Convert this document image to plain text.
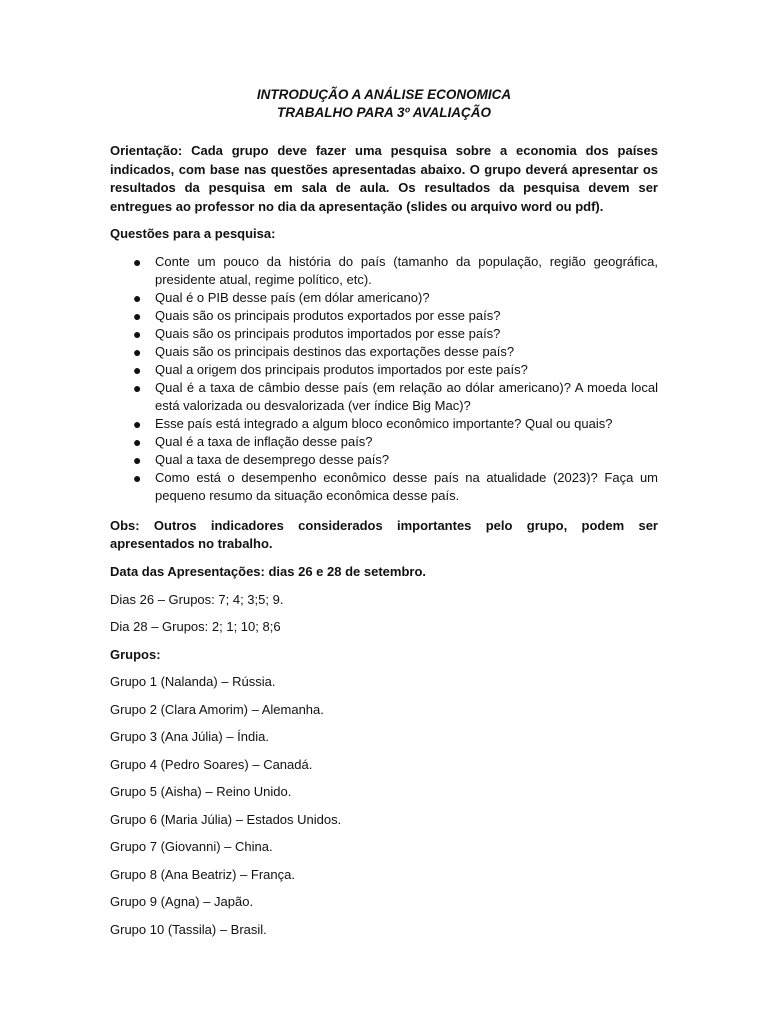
INTRODUÇÃO A ANÁLISE ECONOMICA
TRABALHO PARA 3º AVALIAÇÃO

Orientação: Cada grupo deve fazer uma pesquisa sobre a economia dos países indicados, com base nas questões apresentadas abaixo. O grupo deverá apresentar os resultados da pesquisa em sala de aula. Os resultados da pesquisa devem ser entregues ao professor no dia da apresentação (slides ou arquivo word ou pdf).

Questões para a pesquisa:

● Conte um pouco da história do país (tamanho da população, região geográfica, presidente atual, regime político, etc).
● Qual é o PIB desse país (em dólar americano)?
● Quais são os principais produtos exportados por esse país?
● Quais são os principais produtos importados por esse país?
● Quais são os principais destinos das exportações desse país?
● Qual a origem dos principais produtos importados por este país?
● Qual é a taxa de câmbio desse país (em relação ao dólar americano)? A moeda local está valorizada ou desvalorizada (ver índice Big Mac)?
● Esse país está integrado a algum bloco econômico importante? Qual ou quais?
● Qual é a taxa de inflação desse país?
● Qual a taxa de desemprego desse país?
● Como está o desempenho econômico desse país na atualidade (2023)? Faça um pequeno resumo da situação econômica desse país.

Obs: Outros indicadores considerados importantes pelo grupo, podem ser apresentados no trabalho.

Data das Apresentações: dias 26 e 28 de setembro.

Dias 26 – Grupos: 7; 4; 3;5; 9.

Dia 28 – Grupos: 2; 1; 10; 8;6

Grupos:

Grupo 1 (Nalanda) – Rússia.

Grupo 2 (Clara Amorim) – Alemanha.

Grupo 3 (Ana Júlia) – Índia.

Grupo 4 (Pedro Soares) – Canadá.

Grupo 5 (Aisha) – Reino Unido.

Grupo 6 (Maria Júlia) – Estados Unidos.

Grupo 7 (Giovanni) – China.

Grupo 8 (Ana Beatriz) – França.

Grupo 9 (Agna) – Japão.

Grupo 10 (Tassila) – Brasil.
